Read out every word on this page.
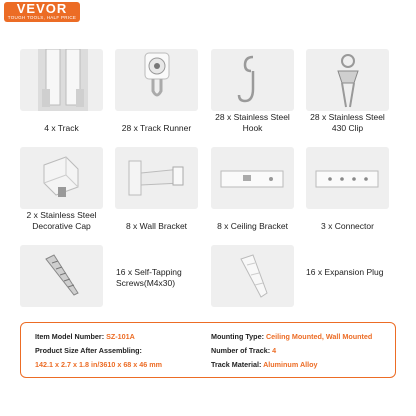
VEVOR
TOUGH TOOLS, HALF PRICE
4 x Track	28 x Track Runner
28 x Stainless Steel Hook
28 x Stainless Steel 430 Clip
2 x Stainless Steel Decorative Cap	8 x Wall Bracket	8 x Ceiling Bracket	3 x Connector
16 x Self-Tapping Screws(M4x30)
16 x Expansion Plug
Item Model Number: SZ-101A
Product Size After Assembling:
142.1 x 2.7 x 1.8 in/3610 x 68 x 46 mm
Mounting Type: Ceiling Mounted, Wall Mounted
Number of Track: 4
Track Material: Aluminum Alloy
